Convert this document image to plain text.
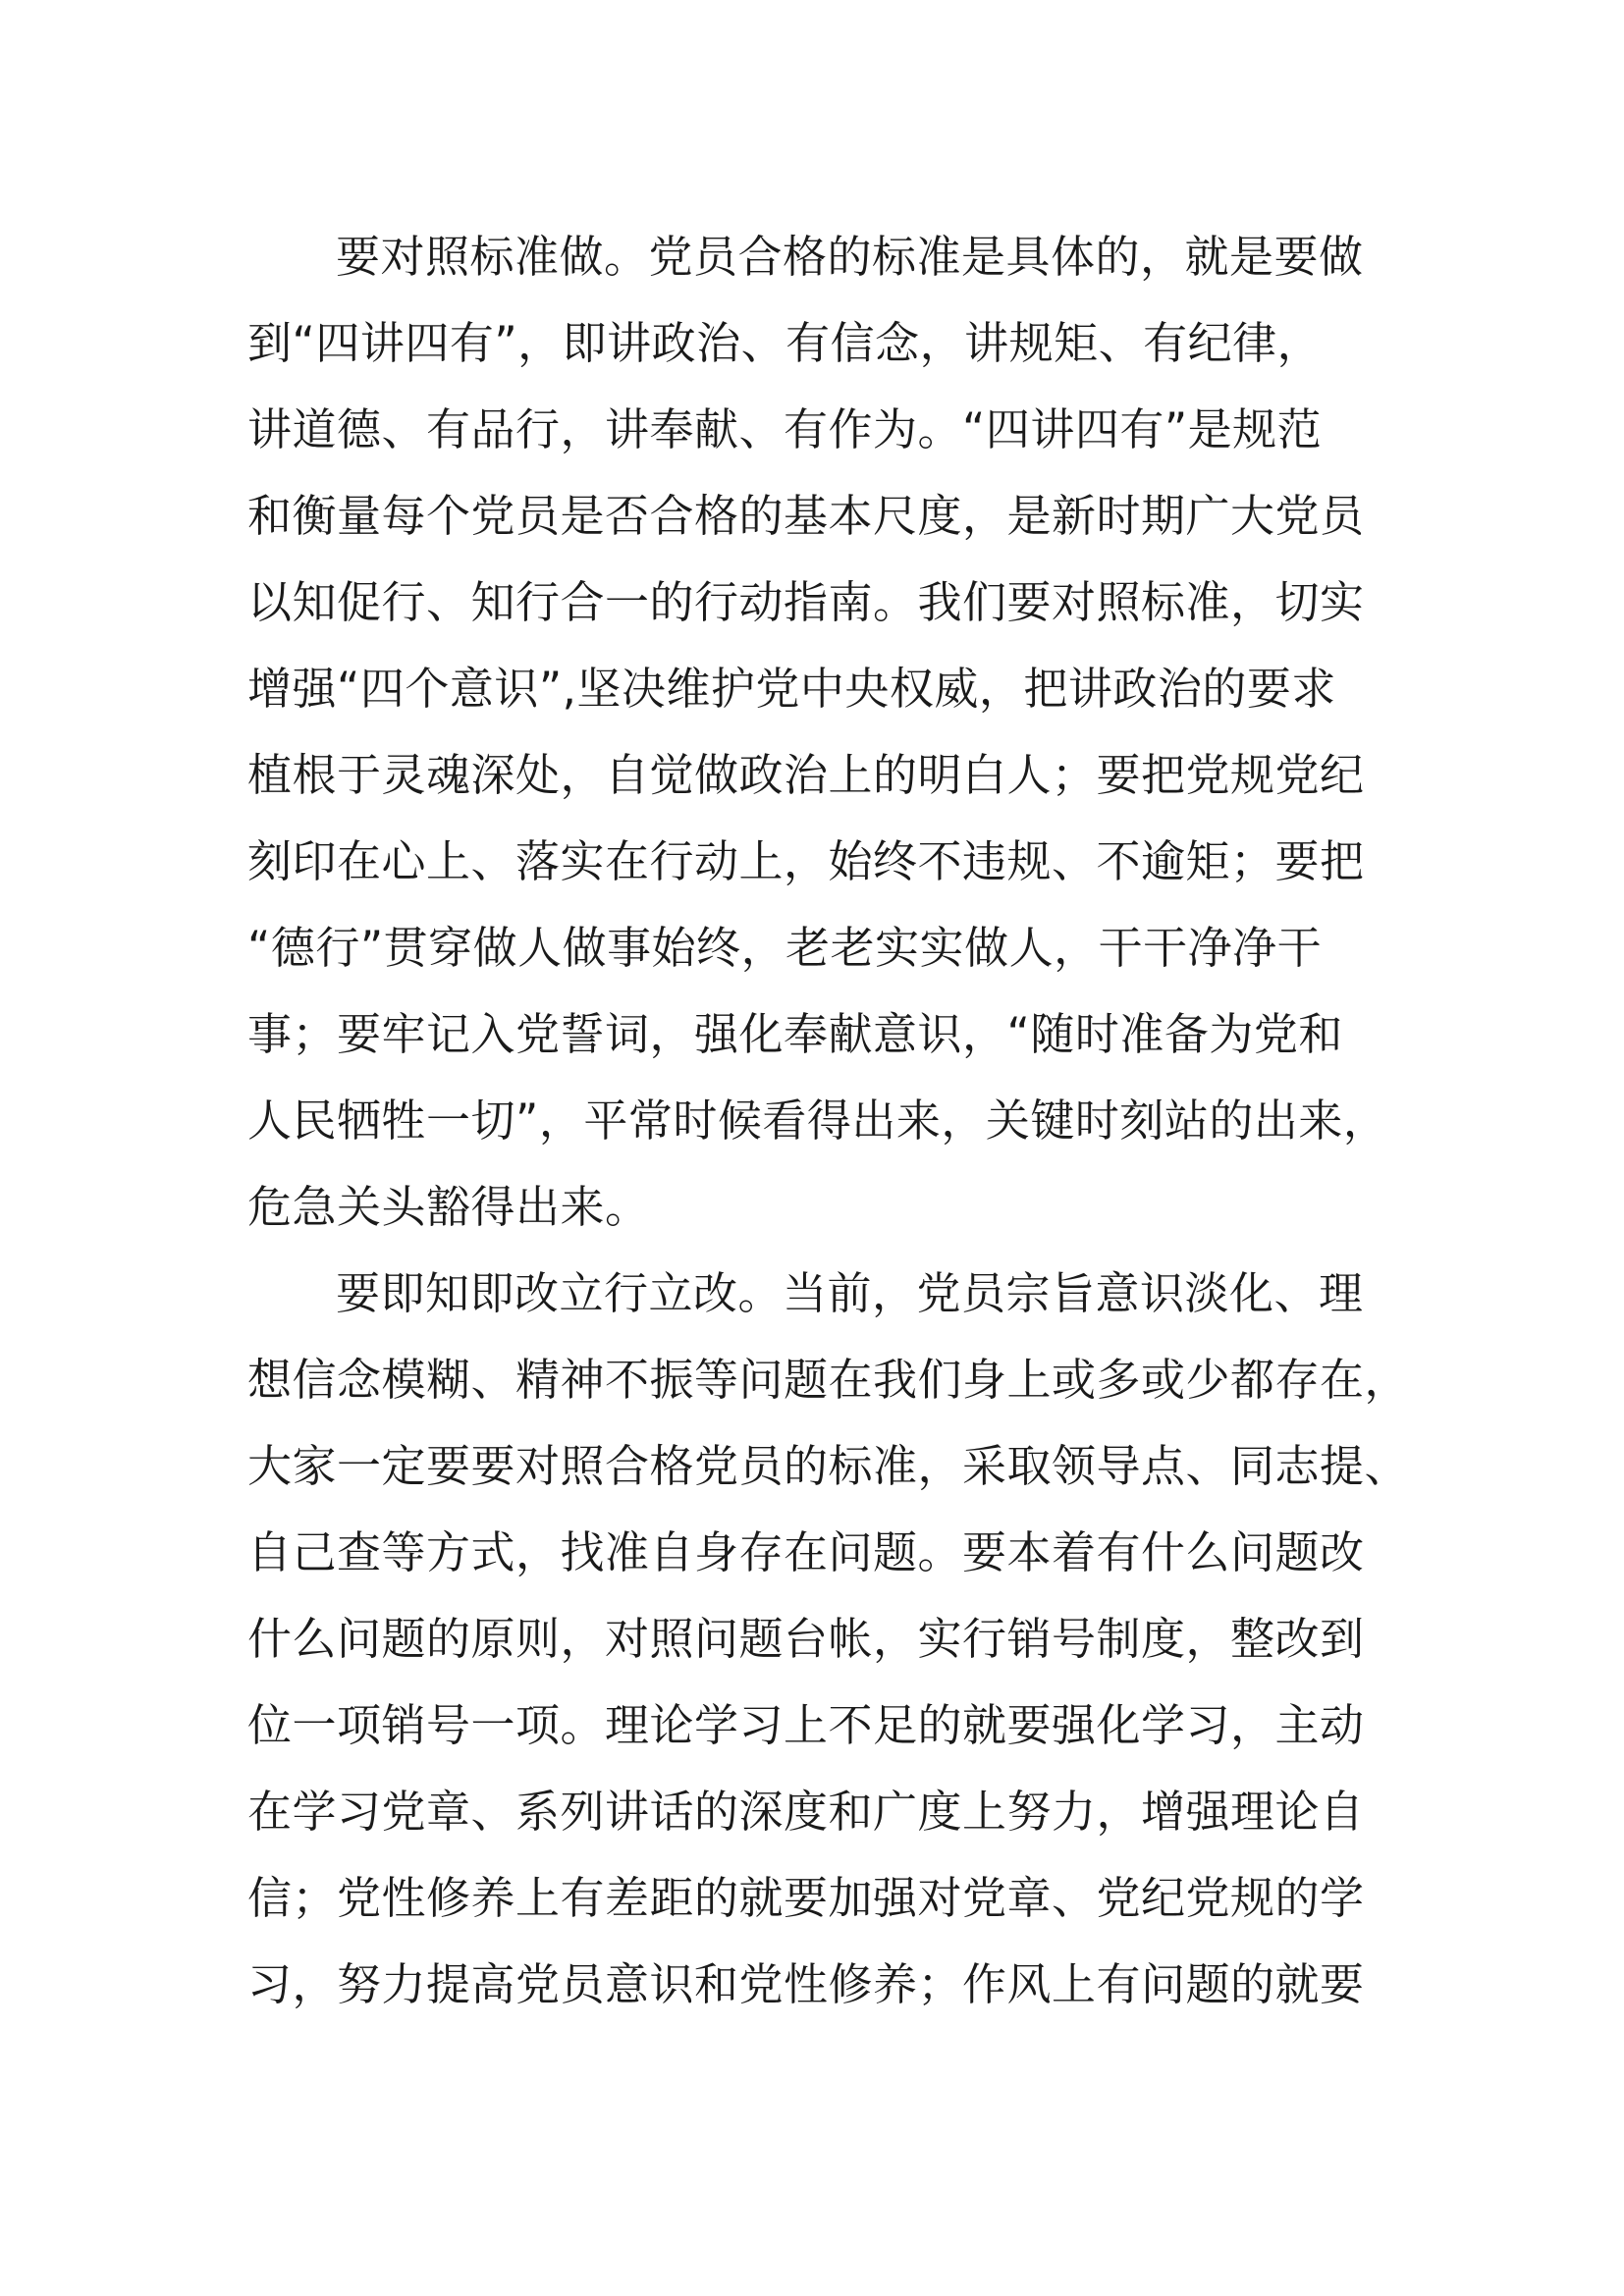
要对照标准做。党员合格的标准是具体的，就是要做
到“四讲四有”，即讲政治、有信念，讲规矩、有纪律，
讲道德、有品行，讲奉献、有作为。“四讲四有”是规范
和衡量每个党员是否合格的基本尺度，是新时期广大党员
以知促行、知行合一的行动指南。我们要对照标准，切实
增强“四个意识”,坚决维护党中央权威，把讲政治的要求
植根于灵魂深处，自觉做政治上的明白人；要把党规党纪
刻印在心上、落实在行动上，始终不违规、不逾矩；要把
“德行”贯穿做人做事始终，老老实实做人，干干净净干
事；要牢记入党誓词，强化奉献意识，“随时准备为党和
人民牺牲一切”，平常时候看得出来，关键时刻站的出来，
危急关头豁得出来。
要即知即改立行立改。当前，党员宗旨意识淡化、理
想信念模糊、精神不振等问题在我们身上或多或少都存在，
大家一定要要对照合格党员的标准，采取领导点、同志提、
自己查等方式，找准自身存在问题。要本着有什么问题改
什么问题的原则，对照问题台帐，实行销号制度，整改到
位一项销号一项。理论学习上不足的就要强化学习，主动
在学习党章、系列讲话的深度和广度上努力，增强理论自
信；党性修养上有差距的就要加强对党章、党纪党规的学
习，努力提高党员意识和党性修养；作风上有问题的就要
